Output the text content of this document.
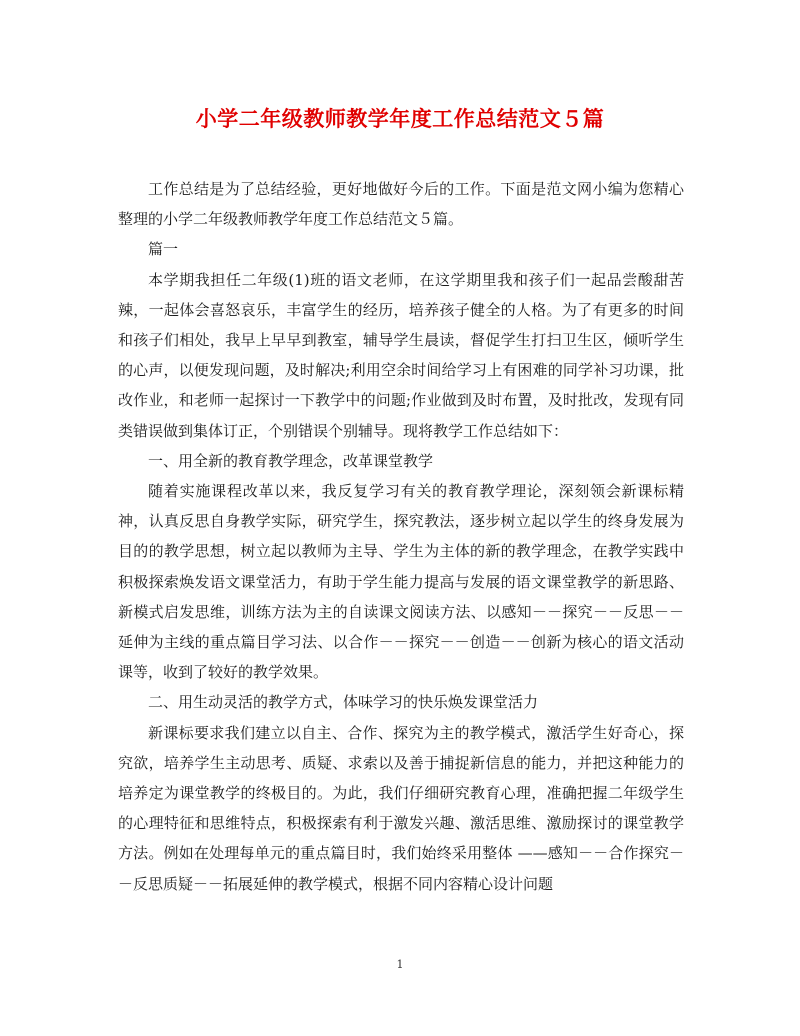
小学二年级教师教学年度工作总结范文５篇

工作总结是为了总结经验，更好地做好今后的工作。下面是范文网小编为您精心整理的小学二年级教师教学年度工作总结范文５篇。

篇一

本学期我担任二年级(1)班的语文老师，在这学期里我和孩子们一起品尝酸甜苦辣，一起体会喜怒哀乐，丰富学生的经历，培养孩子健全的人格。为了有更多的时间和孩子们相处，我早上早早到教室，辅导学生晨读，督促学生打扫卫生区，倾听学生的心声，以便发现问题，及时解决;利用空余时间给学习上有困难的同学补习功课，批改作业，和老师一起探讨一下教学中的问题;作业做到及时布置，及时批改，发现有同类错误做到集体订正，个别错误个别辅导。现将教学工作总结如下：

一、用全新的教育教学理念，改革课堂教学

随着实施课程改革以来，我反复学习有关的教育教学理论，深刻领会新课标精神，认真反思自身教学实际，研究学生，探究教法，逐步树立起以学生的终身发展为目的的教学思想，树立起以教师为主导、学生为主体的新的教学理念，在教学实践中积极探索焕发语文课堂活力，有助于学生能力提高与发展的语文课堂教学的新思路、新模式启发思维，训练方法为主的自读课文阅读方法、以感知－－探究－－反思－－延伸为主线的重点篇目学习法、以合作－－探究－－创造－－创新为核心的语文活动课等，收到了较好的教学效果。

二、用生动灵活的教学方式，体味学习的快乐焕发课堂活力

新课标要求我们建立以自主、合作、探究为主的教学模式，激活学生好奇心，探究欲，培养学生主动思考、质疑、求索以及善于捕捉新信息的能力，并把这种能力的培养定为课堂教学的终极目的。为此，我们仔细研究教育心理，准确把握二年级学生的心理特征和思维特点，积极探索有利于激发兴趣、激活思维、激励探讨的课堂教学方法。例如在处理每单元的重点篇目时，我们始终采用整体 ——感知－－合作探究－－反思质疑－－拓展延伸的教学模式，根据不同内容精心设计问题

1
